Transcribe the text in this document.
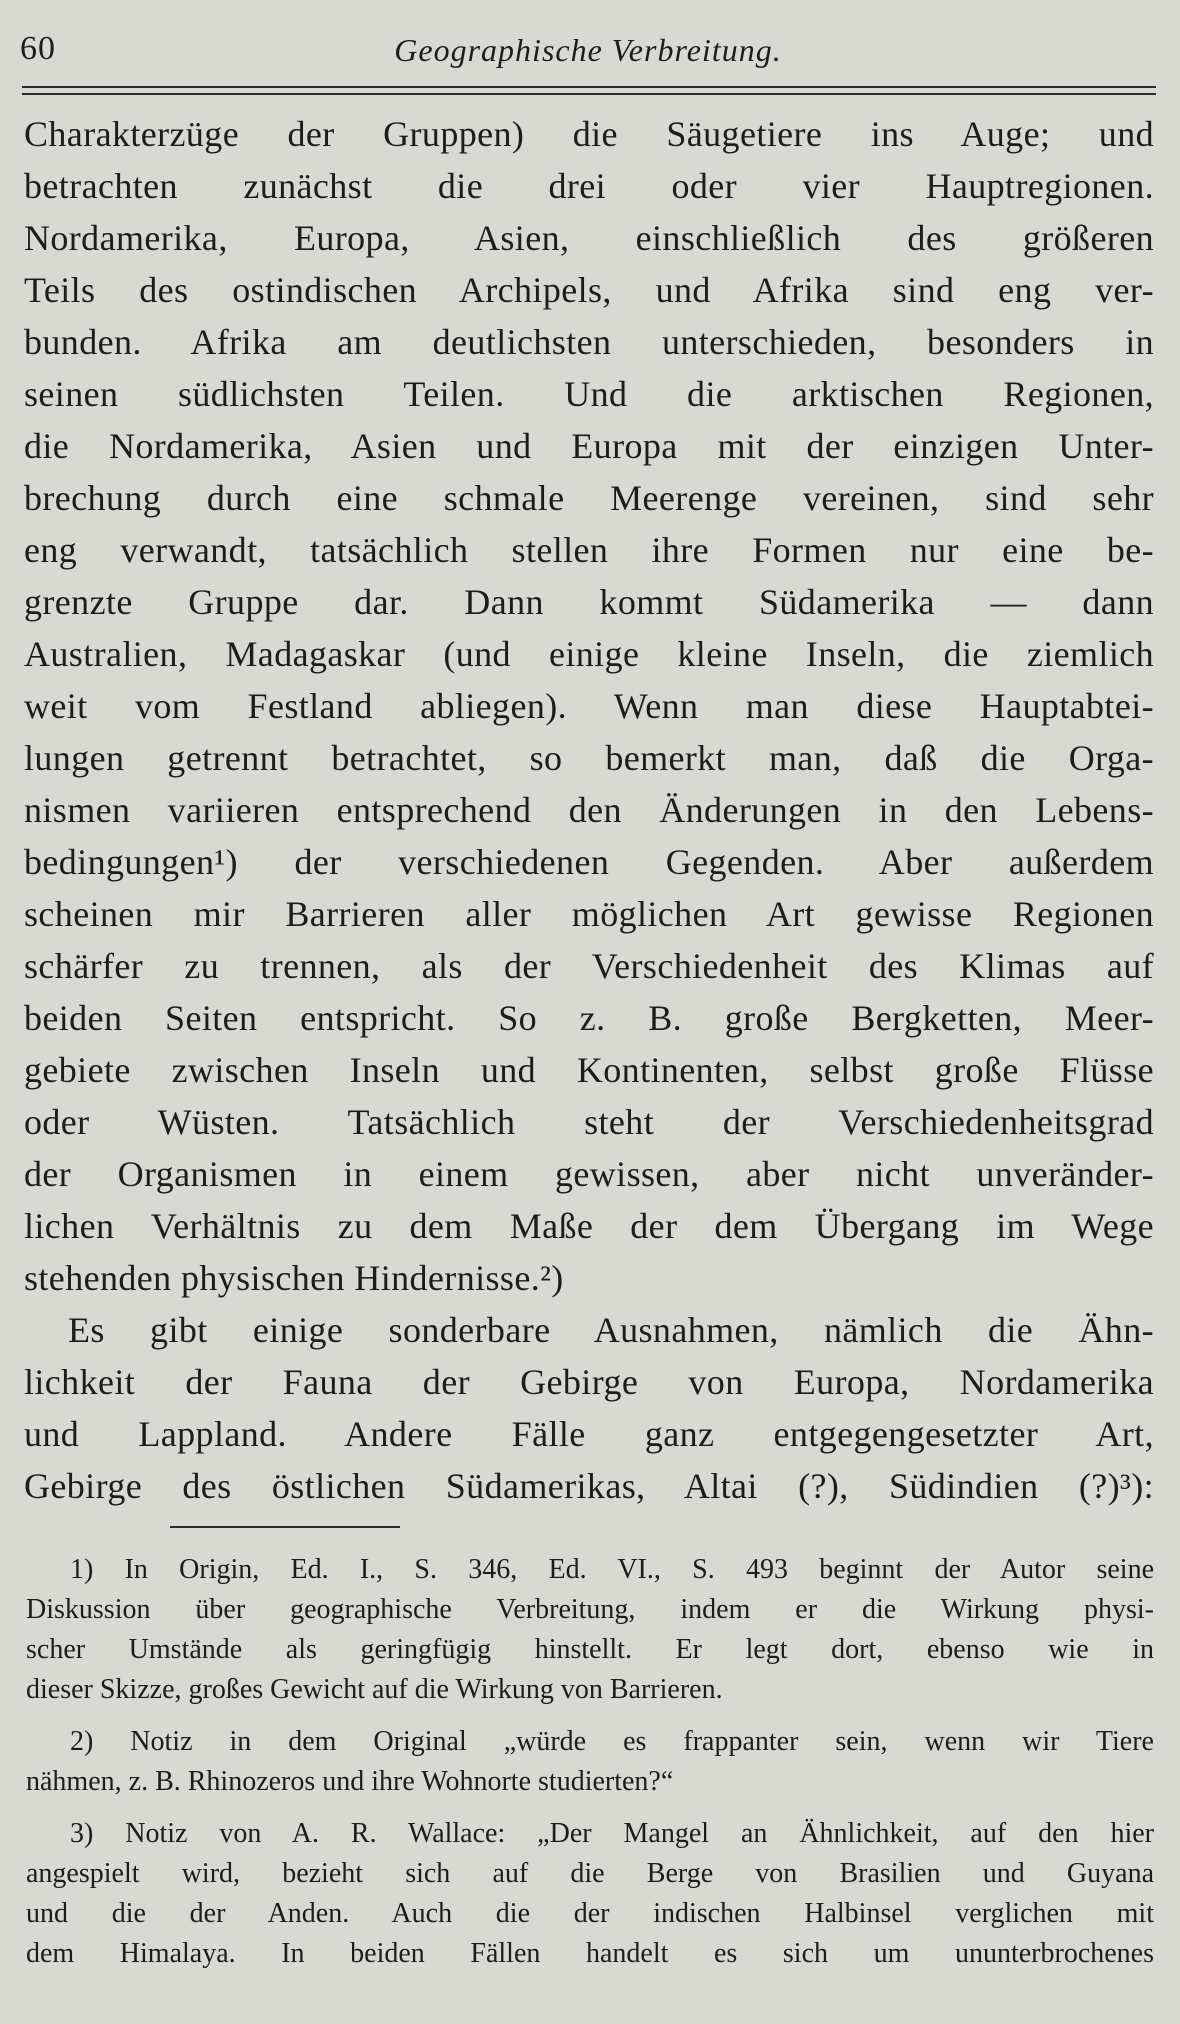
60	Geographische Verbreitung.
Charakterzüge der Gruppen) die Säugetiere ins Auge; und
betrachten zunächst die drei oder vier Hauptregionen.
Nordamerika, Europa, Asien, einschließlich des größeren
Teils des ostindischen Archipels, und Afrika sind eng ver-
bunden. Afrika am deutlichsten unterschieden, besonders in
seinen südlichsten Teilen. Und die arktischen Regionen,
die Nordamerika, Asien und Europa mit der einzigen Unter-
brechung durch eine schmale Meerenge vereinen, sind sehr
eng verwandt, tatsächlich stellen ihre Formen nur eine be-
grenzte Gruppe dar. Dann kommt Südamerika — dann
Australien, Madagaskar (und einige kleine Inseln, die ziemlich
weit vom Festland abliegen). Wenn man diese Hauptabtei-
lungen getrennt betrachtet, so bemerkt man, daß die Orga-
nismen variieren entsprechend den Änderungen in den Lebens-
bedingungen¹) der verschiedenen Gegenden. Aber außerdem
scheinen mir Barrieren aller möglichen Art gewisse Regionen
schärfer zu trennen, als der Verschiedenheit des Klimas auf
beiden Seiten entspricht. So z. B. große Bergketten, Meer-
gebiete zwischen Inseln und Kontinenten, selbst große Flüsse
oder Wüsten. Tatsächlich steht der Verschiedenheitsgrad
der Organismen in einem gewissen, aber nicht unveränder-
lichen Verhältnis zu dem Maße der dem Übergang im Wege
stehenden physischen Hindernisse.²)
Es gibt einige sonderbare Ausnahmen, nämlich die Ähn-
lichkeit der Fauna der Gebirge von Europa, Nordamerika
und Lappland. Andere Fälle ganz entgegengesetzter Art,
Gebirge des östlichen Südamerikas, Altai (?), Südindien (?)³):
1) In Origin, Ed. I., S. 346, Ed. VI., S. 493 beginnt der Autor seine
Diskussion über geographische Verbreitung, indem er die Wirkung physi-
scher Umstände als geringfügig hinstellt. Er legt dort, ebenso wie in
dieser Skizze, großes Gewicht auf die Wirkung von Barrieren.
2) Notiz in dem Original „würde es frappanter sein, wenn wir Tiere
nähmen, z. B. Rhinozeros und ihre Wohnorte studierten?“
3) Notiz von A. R. Wallace: „Der Mangel an Ähnlichkeit, auf den hier
angespielt wird, bezieht sich auf die Berge von Brasilien und Guyana
und die der Anden. Auch die der indischen Halbinsel verglichen mit
dem Himalaya. In beiden Fällen handelt es sich um ununterbrochenes
